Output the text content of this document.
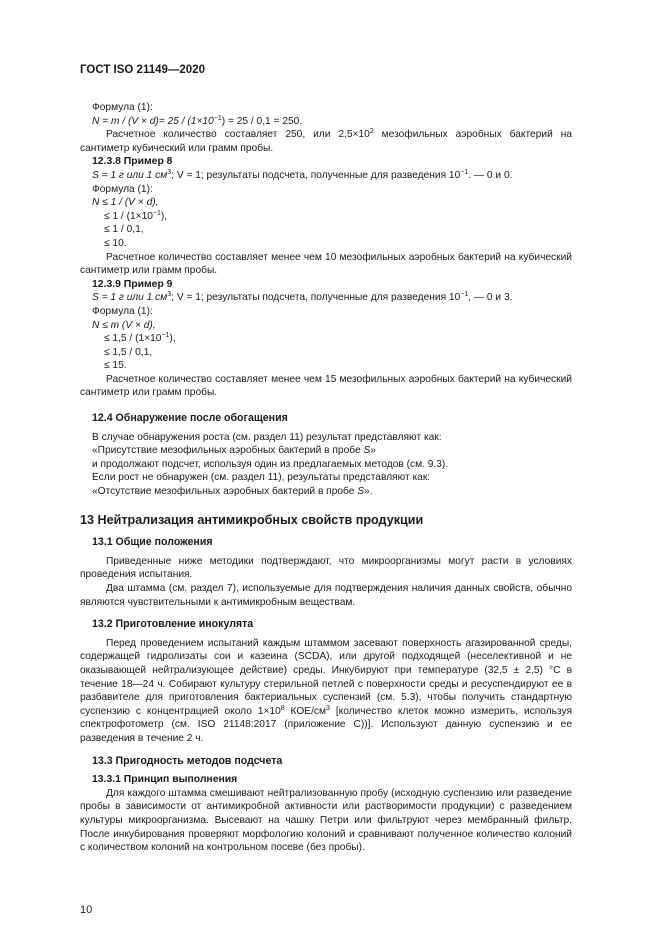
ГОСТ ISO 21149—2020

Формула (1):

$N = m / (V \times d)= 25 / (1\times 10^{-1}) = 25 / 0,1 = 250$.

Расчетное количество составляет 250, или $2,5\times 10^2$ мезофильных аэробных бактерий на сантиметр кубический или грамм пробы.

12.3.8 Пример 8

S = 1 г или 1 $см^3$; V = 1; результаты подсчета, полученные для разведения $10^{-1}$. — 0 и 0.

Формула (1):

N ≤ 1 / (V × d),

≤ $1 / (1\times 10^{-1})$,

≤ 1 / 0,1,

≤ 10.

Расчетное количество составляет менее чем 10 мезофильных аэробных бактерий на кубический сантиметр или грамм пробы.

12.3.9 Пример 9

S = 1 г или 1 $см^3$; V = 1; результаты подсчета, полученные для разведения $10^{-1}$, — 0 и 3.

Формула (1):

N ≤ m (V × d),

≤ $1,5 / (1\times 10^{-1})$,

≤ 1,5 / 0,1,

≤ 15.

Расчетное количество составляет менее чем 15 мезофильных аэробных бактерий на кубический сантиметр или грамм пробы.

12.4 Обнаружение после обогащения

В случае обнаружения роста (см. раздел 11) результат представляют как:

«Присутствие мезофильных аэробных бактерий в пробе S»

и продолжают подсчет, используя один из предлагаемых методов (см. 9.3).

Если рост не обнаружен (см. раздел 11), результаты представляют как:

«Отсутствие мезофильных аэробных бактерий в пробе S».

13 Нейтрализация антимикробных свойств продукции

13.1 Общие положения

Приведенные ниже методики подтверждают, что микроорганизмы могут расти в условиях проведения испытания.

Два штамма (см. раздел 7), используемые для подтверждения наличия данных свойств, обычно являются чувствительными к антимикробным веществам.

13.2 Приготовление инокулята

Перед проведением испытаний каждым штаммом засевают поверхность агазированной среды, содержащей гидролизаты сои и казеина (SCDA), или другой подходящей (неселективной и не оказывающей нейтрализующее действие) среды. Инкубируют при температуре (32,5 ± 2,5) °С в течение 18—24 ч. Собирают культуру стерильной петлей с поверхности среды и ресуспендируют ее в разбавителе для приготовления бактериальных суспензий (см. 5.3), чтобы получить стандартную суспензию с концентрацией около $1\times 10^8$ КОЕ/$см^3$ [количество клеток можно измерить, используя спектрофотометр (см. ISO 21148:2017 (приложение С))]. Используют данную суспензию и ее разведения в течение 2 ч.

13.3 Пригодность методов подсчета

13.3.1 Принцип выполнения

Для каждого штамма смешивают нейтрализованную пробу (исходную суспензию или разведение пробы в зависимости от антимикробной активности или растворимости продукции) с разведением культуры микроорганизма. Высевают на чашку Петри или фильтруют через мембранный фильтр. После инкубирования проверяют морфологию колоний и сравнивают полученное количество колоний с количеством колоний на контрольном посеве (без пробы).

10
